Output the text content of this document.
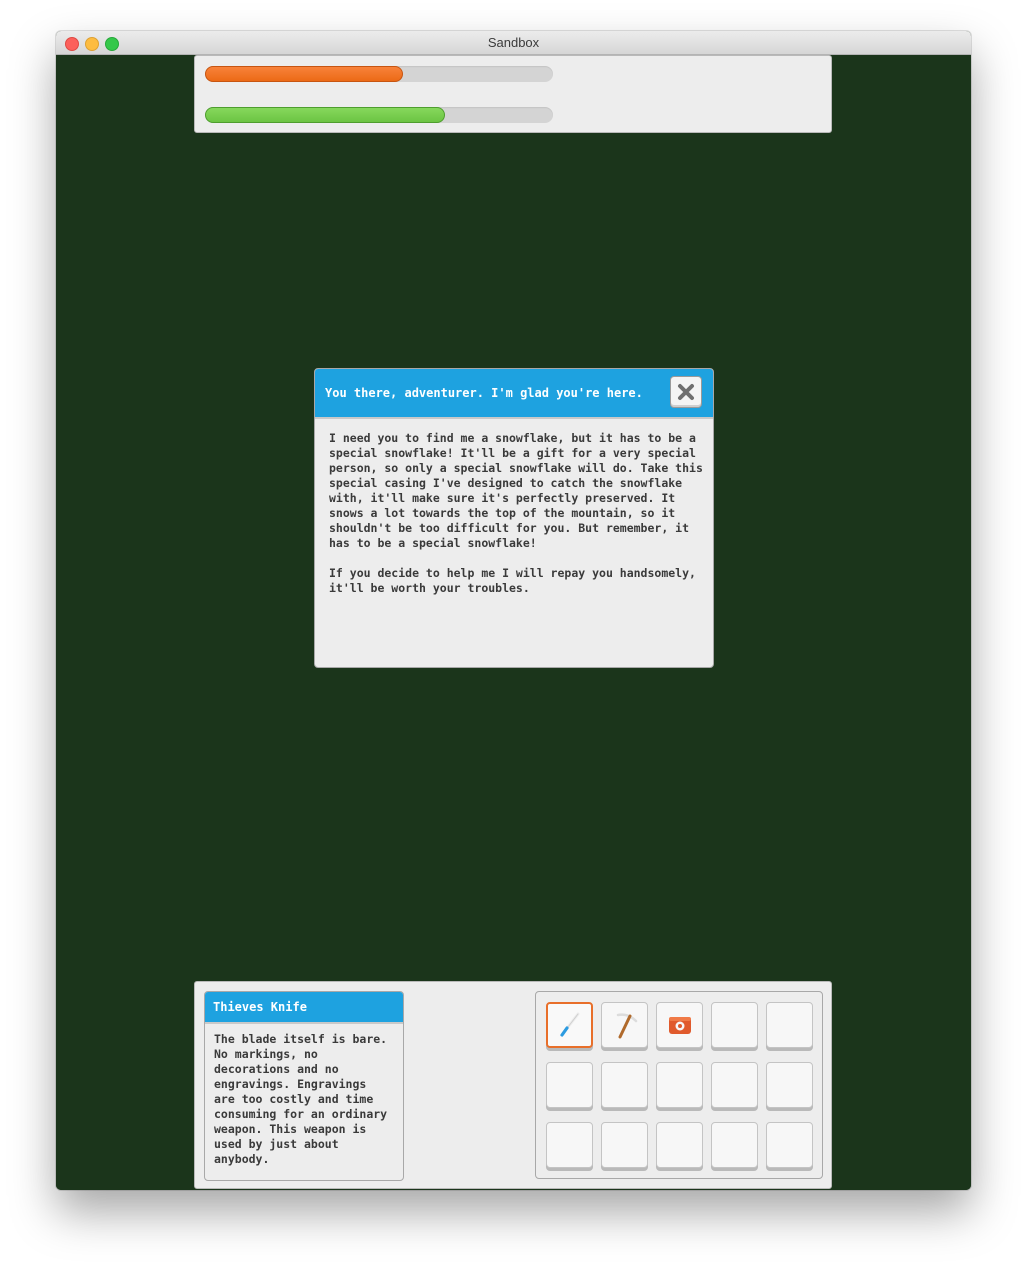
Sandbox
You there, adventurer. I'm glad you're here.
I need you to find me a snowflake, but it has to be a
special snowflake! It'll be a gift for a very special
person, so only a special snowflake will do. Take this
special casing I've designed to catch the snowflake
with, it'll make sure it's perfectly preserved. It
snows a lot towards the top of the mountain, so it
shouldn't be too difficult for you. But remember, it
has to be a special snowflake!

If you decide to help me I will repay you handsomely,
it'll be worth your troubles.
Thieves Knife
The blade itself is bare.
No markings, no
decorations and no
engravings. Engravings
are too costly and time
consuming for an ordinary
weapon. This weapon is
used by just about
anybody.
